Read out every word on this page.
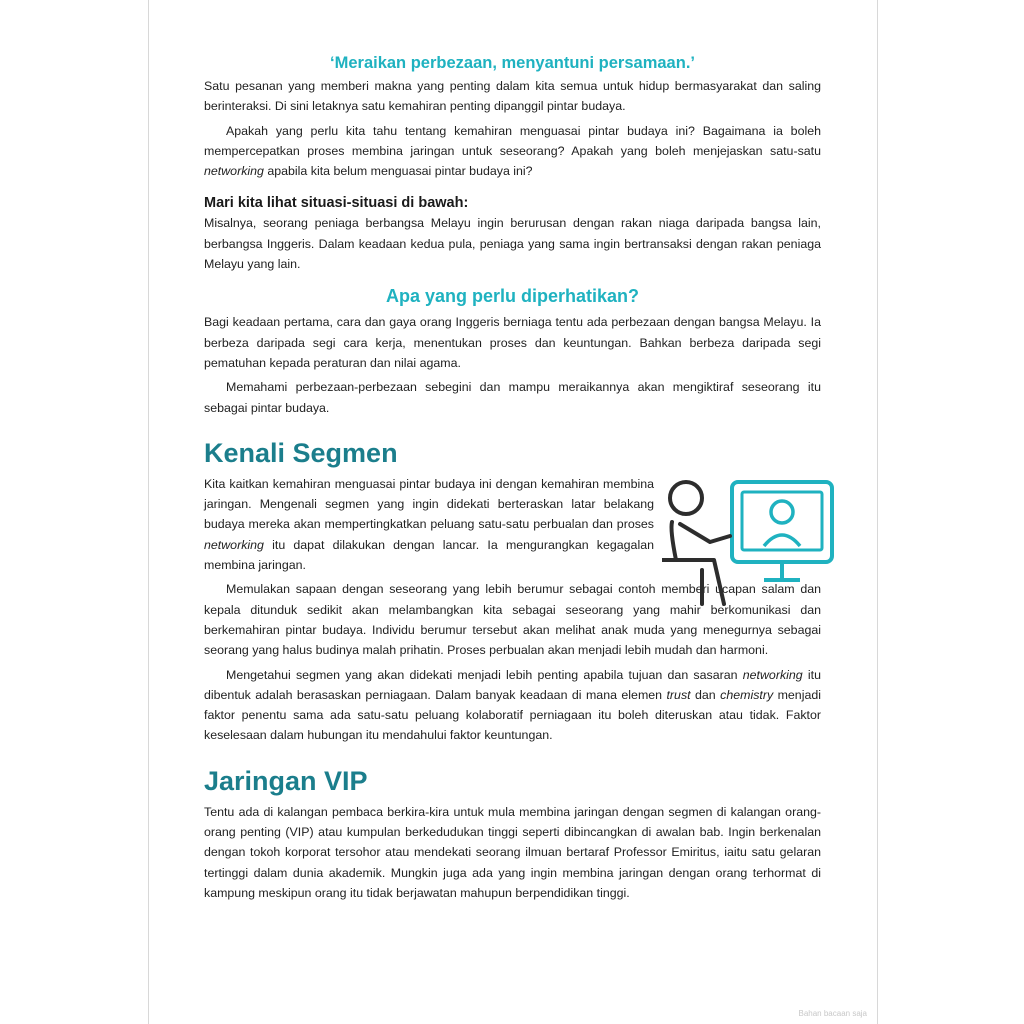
‘Meraikan perbezaan, menyantuni persamaan.’

Satu pesanan yang memberi makna yang penting dalam kita semua untuk hidup bermasyarakat dan saling berinteraksi. Di sini letaknya satu kemahiran penting dipanggil pintar budaya.

Apakah yang perlu kita tahu tentang kemahiran menguasai pintar budaya ini? Bagaimana ia boleh mempercepatkan proses membina jaringan untuk seseorang? Apakah yang boleh menjejaskan satu-satu networking apabila kita belum menguasai pintar budaya ini?

Mari kita lihat situasi-situasi di bawah:

Misalnya, seorang peniaga berbangsa Melayu ingin berurusan dengan rakan niaga daripada bangsa lain, berbangsa Inggeris. Dalam keadaan kedua pula, peniaga yang sama ingin bertransaksi dengan rakan peniaga Melayu yang lain.

Apa yang perlu diperhatikan?

Bagi keadaan pertama, cara dan gaya orang Inggeris berniaga tentu ada perbezaan dengan bangsa Melayu. Ia berbeza daripada segi cara kerja, menentukan proses dan keuntungan. Bahkan berbeza daripada segi pematuhan kepada peraturan dan nilai agama.

Memahami perbezaan-perbezaan sebegini dan mampu meraikannya akan mengiktiraf seseorang itu sebagai pintar budaya.

Kenali Segmen

Kita kaitkan kemahiran menguasai pintar budaya ini dengan kemahiran membina jaringan. Mengenali segmen yang ingin didekati berteraskan latar belakang budaya mereka akan mempertingkatkan peluang satu-satu perbualan dan proses networking itu dapat dilakukan dengan lancar. Ia mengurangkan kegagalan membina jaringan.

Memulakan sapaan dengan seseorang yang lebih berumur sebagai contoh memberi ucapan salam dan kepala ditunduk sedikit akan melambangkan kita sebagai seseorang yang mahir berkomunikasi dan berkemahiran pintar budaya. Individu berumur tersebut akan melihat anak muda yang menegurnya sebagai seorang yang halus budinya malah prihatin. Proses perbualan akan menjadi lebih mudah dan harmoni.

Mengetahui segmen yang akan didekati menjadi lebih penting apabila tujuan dan sasaran networking itu dibentuk adalah berasaskan perniagaan. Dalam banyak keadaan di mana elemen trust dan chemistry menjadi faktor penentu sama ada satu-satu peluang kolaboratif perniagaan itu boleh diteruskan atau tidak. Faktor keselesaan dalam hubungan itu mendahului faktor keuntungan.

Jaringan VIP

Tentu ada di kalangan pembaca berkira-kira untuk mula membina jaringan dengan segmen di kalangan orang-orang penting (VIP) atau kumpulan berkedudukan tinggi seperti dibincangkan di awalan bab. Ingin berkenalan dengan tokoh korporat tersohor atau mendekati seorang ilmuan bertaraf Professor Emiritus, iaitu satu gelaran tertinggi dalam dunia akademik. Mungkin juga ada yang ingin membina jaringan dengan orang terhormat di kampung meskipun orang itu tidak berjawatan mahupun berpendidikan tinggi.

Bahan bacaan saja
